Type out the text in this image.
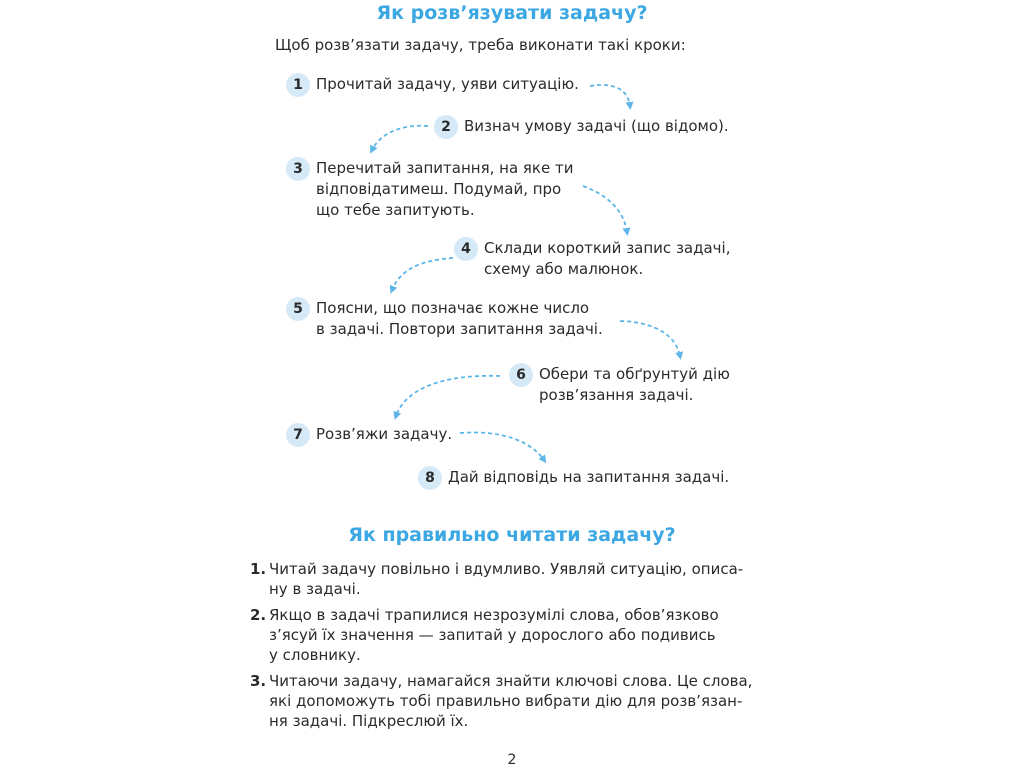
Як розв’язувати задачу?
Щоб розв’язати задачу, треба виконати такі кроки:
1 Прочитай задачу, уяви ситуацію.
2 Визнач умову задачі (що відомо).
3 Перечитай запитання, на яке ти
відповідатимеш. Подумай, про
що тебе запитують.
4 Склади короткий запис задачі,
схему або малюнок.
5 Поясни, що позначає кожне число
в задачі. Повтори запитання задачі.
6 Обери та обґрунтуй дію
розв’язання задачі.
7 Розв’яжи задачу.
8 Дай відповідь на запитання задачі.
Як правильно читати задачу?
1. Читай задачу повільно і вдумливо. Уявляй ситуацію, описа-
ну в задачі.
2. Якщо в задачі трапилися незрозумілі слова, обов’язково
з’ясуй їх значення — запитай у дорослого або подивись
у словнику.
3. Читаючи задачу, намагайся знайти ключові слова. Це слова,
які допоможуть тобі правильно вибрати дію для розв’язан-
ня задачі. Підкреслюй їх.
2
